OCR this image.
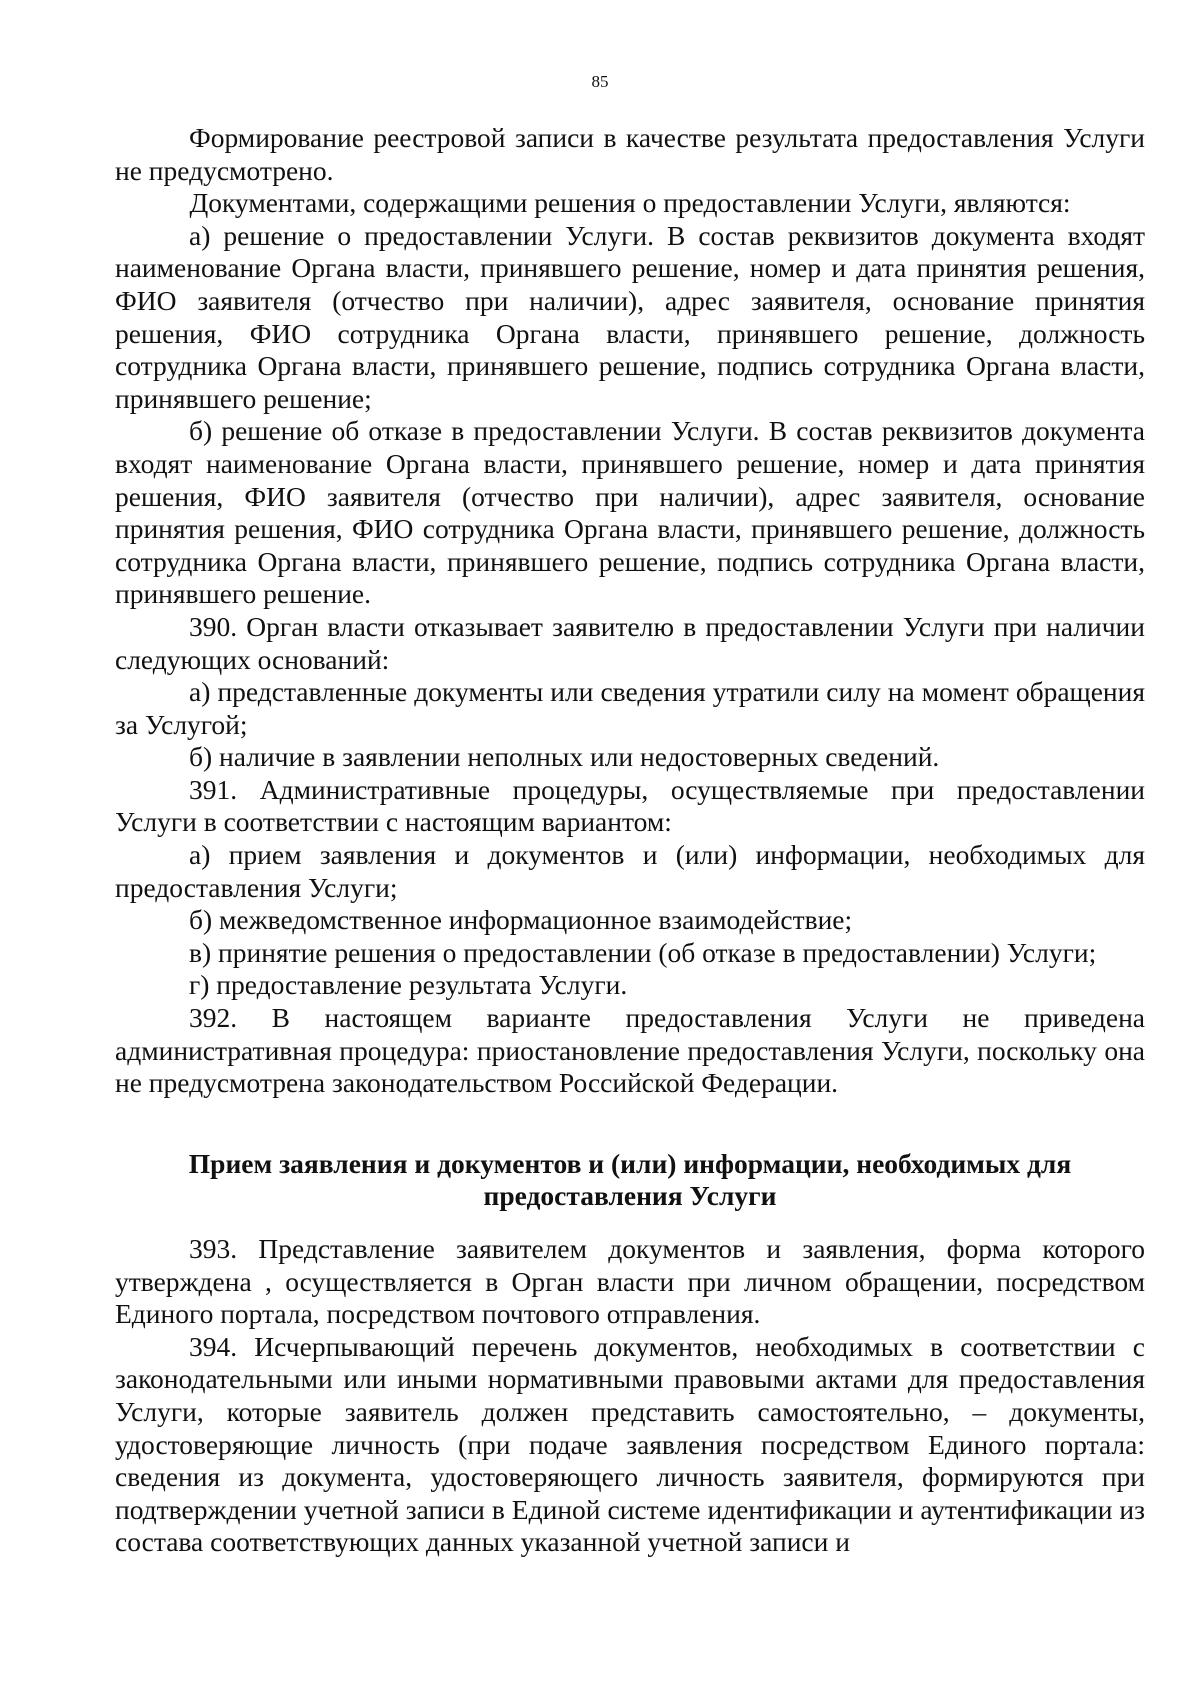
85

Формирование реестровой записи в качестве результата предоставления Услуги не предусмотрено.

Документами, содержащими решения о предоставлении Услуги, являются:

а) решение о предоставлении Услуги. В состав реквизитов документа входят наименование Органа власти, принявшего решение, номер и дата принятия решения, ФИО заявителя (отчество при наличии), адрес заявителя, основание принятия решения, ФИО сотрудника Органа власти, принявшего решение, должность сотрудника Органа власти, принявшего решение, подпись сотрудника Органа власти, принявшего решение;

б) решение об отказе в предоставлении Услуги. В состав реквизитов документа входят наименование Органа власти, принявшего решение, номер и дата принятия решения, ФИО заявителя (отчество при наличии), адрес заявителя, основание принятия решения, ФИО сотрудника Органа власти, принявшего решение, должность сотрудника Органа власти, принявшего решение, подпись сотрудника Органа власти, принявшего решение.

390. Орган власти отказывает заявителю в предоставлении Услуги при наличии следующих оснований:

а) представленные документы или сведения утратили силу на момент обращения за Услугой;

б) наличие в заявлении неполных или недостоверных сведений.

391. Административные процедуры, осуществляемые при предоставлении Услуги в соответствии с настоящим вариантом:

а) прием заявления и документов и (или) информации, необходимых для предоставления Услуги;

б) межведомственное информационное взаимодействие;

в) принятие решения о предоставлении (об отказе в предоставлении) Услуги;

г) предоставление результата Услуги.

392. В настоящем варианте предоставления Услуги не приведена административная процедура: приостановление предоставления Услуги, поскольку она не предусмотрена законодательством Российской Федерации.

Прием заявления и документов и (или) информации, необходимых для предоставления Услуги

393. Представление заявителем документов и заявления, форма которого утверждена , осуществляется в Орган власти при личном обращении, посредством Единого портала, посредством почтового отправления.

394. Исчерпывающий перечень документов, необходимых в соответствии с законодательными или иными нормативными правовыми актами для предоставления Услуги, которые заявитель должен представить самостоятельно, – документы, удостоверяющие личность (при подаче заявления посредством Единого портала: сведения из документа, удостоверяющего личность заявителя, формируются при подтверждении учетной записи в Единой системе идентификации и аутентификации из состава соответствующих данных указанной учетной записи и
